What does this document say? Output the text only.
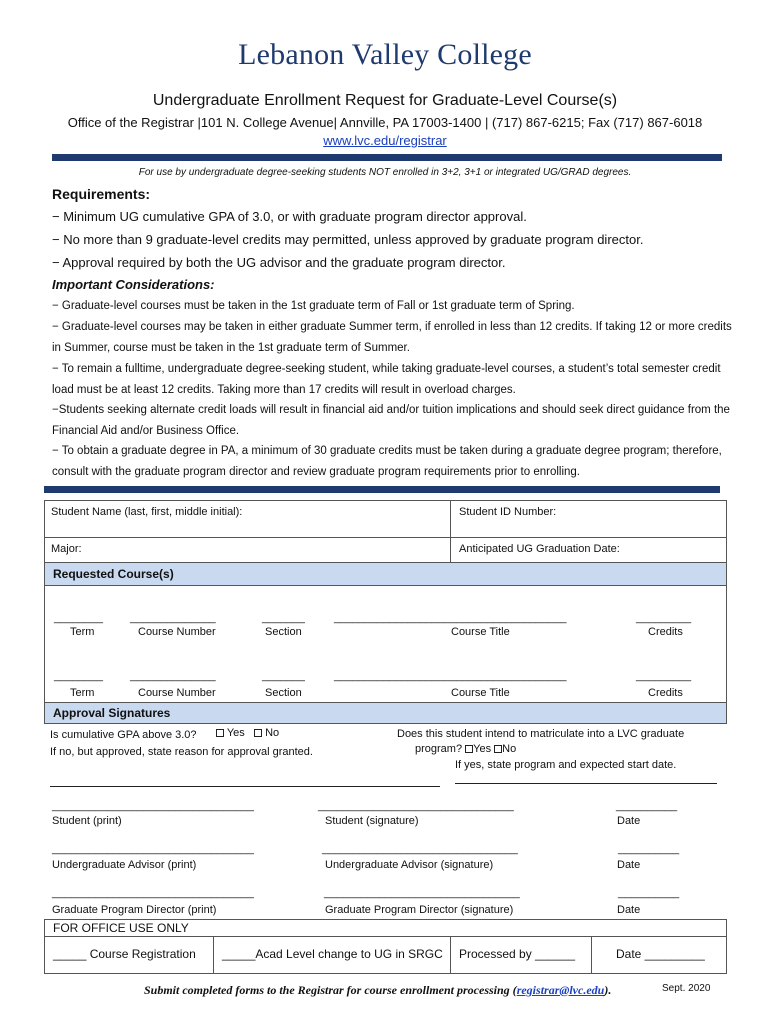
Lebanon Valley College
Undergraduate Enrollment Request for Graduate-Level Course(s)
Office of the Registrar |101 N. College Avenue| Annville, PA 17003-1400 | (717) 867-6215; Fax (717) 867-6018
www.lvc.edu/registrar
For use by undergraduate degree-seeking students NOT enrolled in 3+2, 3+1 or integrated UG/GRAD degrees.
Requirements:
− Minimum UG cumulative GPA of 3.0, or with graduate program director approval.
− No more than 9 graduate-level credits may permitted, unless approved by graduate program director.
− Approval required by both the UG advisor and the graduate program director.
Important Considerations:
− Graduate-level courses must be taken in the 1st graduate term of Fall or 1st graduate term of Spring.
− Graduate-level courses may be taken in either graduate Summer term, if enrolled in less than 12 credits. If taking 12 or more credits in Summer, course must be taken in the 1st graduate term of Summer.
− To remain a fulltime, undergraduate degree-seeking student, while taking graduate-level courses, a student’s total semester credit load must be at least 12 credits. Taking more than 17 credits will result in overload charges.
−Students seeking alternate credit loads will result in financial aid and/or tuition implications and should seek direct guidance from the Financial Aid and/or Business Office.
− To obtain a graduate degree in PA, a minimum of 30 graduate credits must be taken during a graduate degree program; therefore, consult with the graduate program director and review graduate program requirements prior to enrolling.
Student Name (last, first, middle initial):	Student ID Number:
Major:	Anticipated UG Graduation Date:
Requested Course(s)
________ ______________	_______	______________________________________	_________
Term	Course Number	Section	Course Title	Credits
________ ______________	_______	______________________________________	_________
Term	Course Number	Section	Course Title	Credits
Approval Signatures
Is cumulative GPA above 3.0?	Yes	No
If no, but approved, state reason for approval granted.
Does this student intend to matriculate into a LVC graduate
program? Yes No
If yes, state program and expected start date.
_________________________________	________________________________	__________
Student (print)	Student (signature)	Date
_________________________________	________________________________	__________
Undergraduate Advisor (print)	Undergraduate Advisor (signature)	Date
_________________________________	________________________________	__________
Graduate Program Director (print)	Graduate Program Director (signature)	Date
FOR OFFICE USE ONLY
_____ Course Registration _____Acad Level change to UG in SRGC Processed by ______	Date _________
Submit completed forms to the Registrar for course enrollment processing (registrar@lvc.edu).	Sept. 2020
